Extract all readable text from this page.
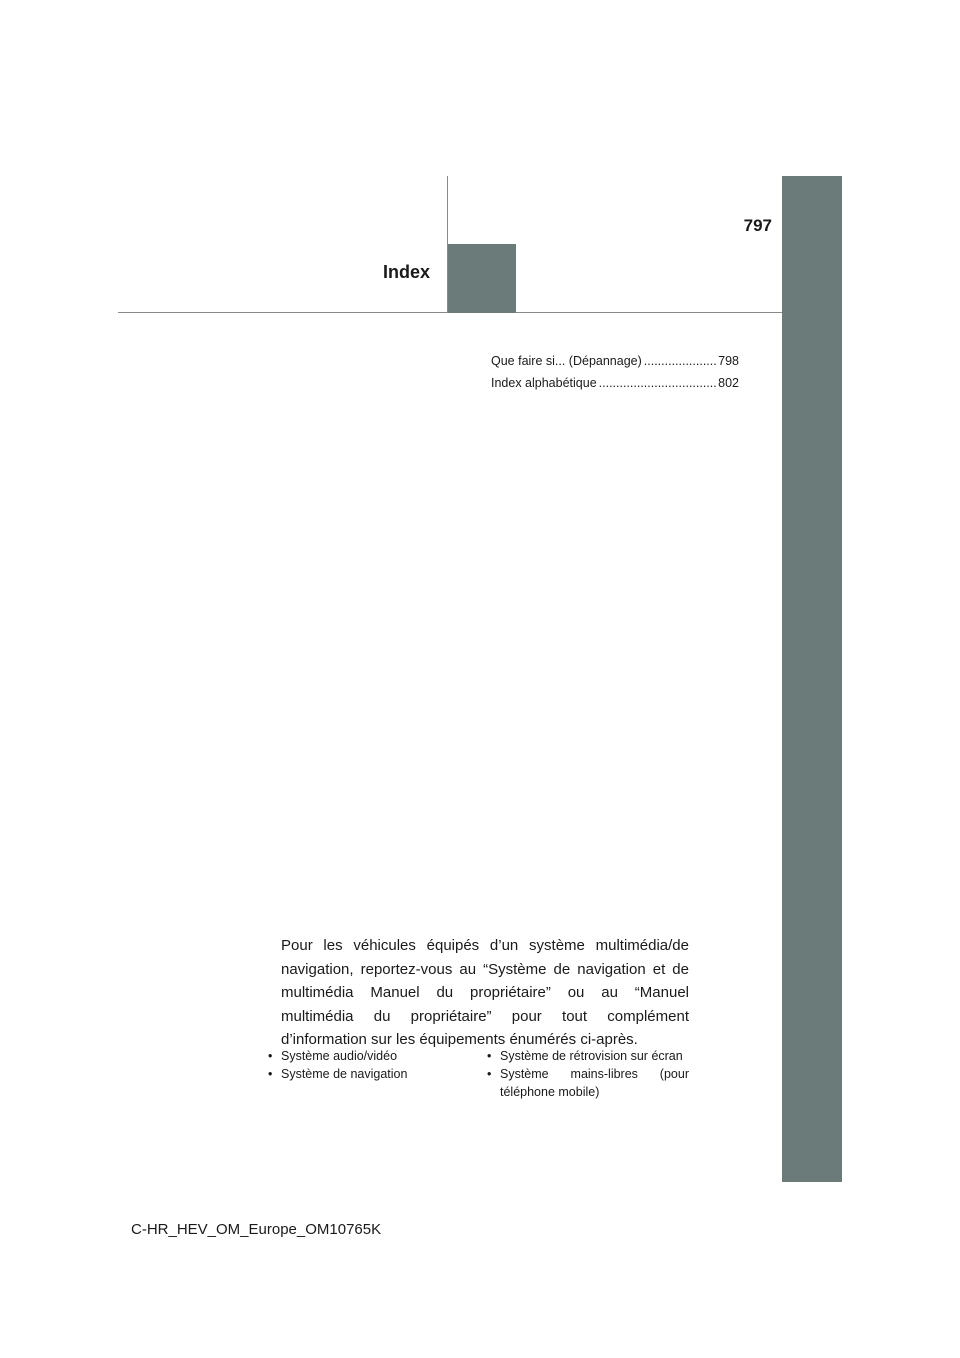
797
Index
Que faire si... (Dépannage) .....	798
Index alphabétique .....	802
Pour les véhicules équipés d’un système multimédia/de navigation, reportez-vous au “Système de navigation et de multimédia Manuel du propriétaire” ou au “Manuel multimédia du propriétaire” pour tout complément d’information sur les équipements énumérés ci-après.
• Système audio/vidéo
• Système de navigation
• Système de rétrovision sur écran
• Système mains-libres (pour téléphone mobile)
C-HR_HEV_OM_Europe_OM10765K
